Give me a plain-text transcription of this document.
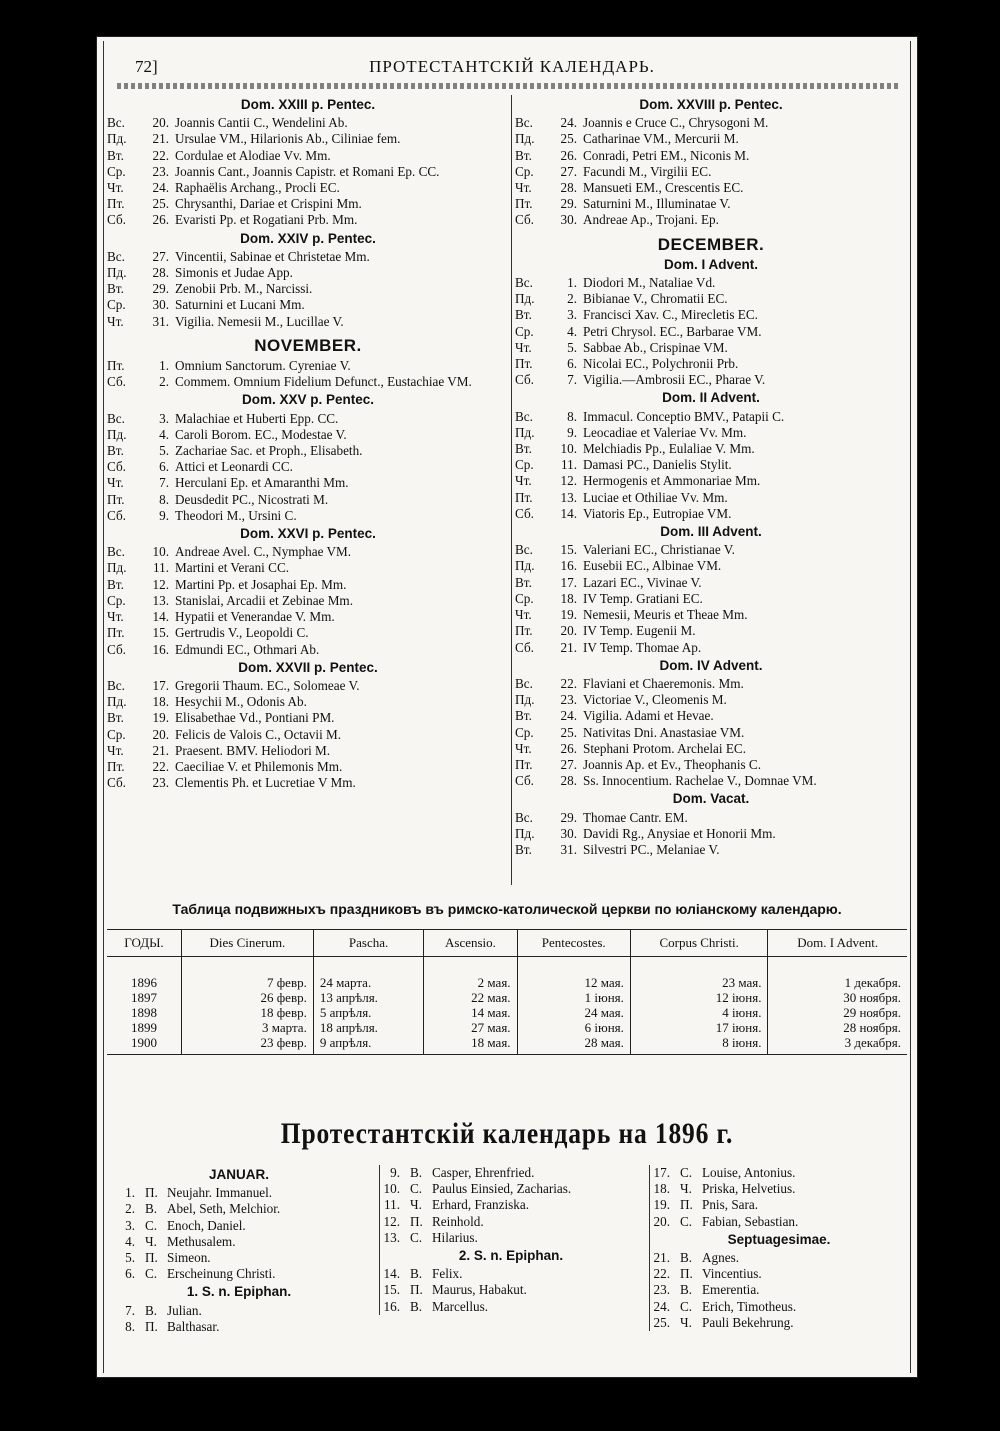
72]	ПРОТЕСТАНТСКІЙ КАЛЕНДАРЬ.
Dom. XXIII p. Pentec.
Вс.	20. Joannis Cantii C., Wendelini Ab.
Пд.	21. Ursulae VM., Hilarionis Ab., Ciliniae fem.
Вт.	22. Cordulae et Alodiae Vv. Mm.
Ср.	23. Joannis Cant., Joannis Capistr. et Romani Ep. CC.
Чт.	24. Raphaëlis Archang., Procli EC.
Пт.	25. Chrysanthi, Dariae et Crispini Mm.
Сб.	26. Evaristi Pp. et Rogatiani Prb. Mm.
Dom. XXIV p. Pentec.
Вс.	27. Vincentii, Sabinae et Christetae Mm.
Пд.	28. Simonis et Judae App.
Вт.	29. Zenobii Prb. M., Narcissi.
Ср.	30. Saturnini et Lucani Mm.
Чт.	31. Vigilia. Nemesii M., Lucillae V.
NOVEMBER.
Пт.	1. Omnium Sanctorum. Cyreniae V.
Сб.	2. Commem. Omnium Fidelium Defunct., Eustachiae VM.
Dom. XXV p. Pentec.
Вс.	3. Malachiae et Huberti Epp. CC.
Пд.	4. Caroli Borom. EC., Modestae V.
Вт.	5. Zachariae Sac. et Proph., Elisabeth.
Сб.	6. Attici et Leonardi CC.
Чт.	7. Herculani Ep. et Amaranthi Mm.
Пт.	8. Deusdedit PC., Nicostrati M.
Сб.	9. Theodori M., Ursini C.
Dom. XXVI p. Pentec.
Вс.	10. Andreae Avel. C., Nymphae VM.
Пд.	11. Martini et Verani CC.
Вт.	12. Martini Pp. et Josaphai Ep. Mm.
Ср.	13. Stanislai, Arcadii et Zebinae Mm.
Чт.	14. Hypatii et Venerandae V. Mm.
Пт.	15. Gertrudis V., Leopoldi C.
Сб.	16. Edmundi EC., Othmari Ab.
Dom. XXVII p. Pentec.
Вс.	17. Gregorii Thaum. EC., Solomeae V.
Пд.	18. Hesychii M., Odonis Ab.
Вт.	19. Elisabethae Vd., Pontiani PM.
Ср.	20. Felicis de Valois C., Octavii M.
Чт.	21. Praesent. BMV. Heliodori M.
Пт.	22. Caeciliae V. et Philemonis Mm.
Сб.	23. Clementis Ph. et Lucretiae V Mm.
Dom. XXVIII p. Pentec.
Вс.	24. Joannis e Cruce C., Chrysogoni M.
Пд.	25. Catharinae VM., Mercurii M.
Вт.	26. Conradi, Petri EM., Niconis M.
Ср.	27. Facundi M., Virgilii EC.
Чт.	28. Mansueti EM., Crescentis EC.
Пт.	29. Saturnini M., Illuminatae V.
Сб.	30. Andreae Ap., Trojani. Ep.
DECEMBER.
Dom. I Advent.
Вс.	1. Diodori M., Nataliae Vd.
Пд.	2. Bibianae V., Chromatii EC.
Вт.	3. Francisci Xav. C., Mirecletis EC.
Ср.	4. Petri Chrysol. EC., Barbarae VM.
Чт.	5. Sabbae Ab., Crispinae VM.
Пт.	6. Nicolai EC., Polychronii Prb.
Сб.	7. Vigilia.—Ambrosii EC., Pharae V.
Dom. II Advent.
Вс.	8. Immacul. Conceptio BMV., Patapii C.
Пд.	9. Leocadiae et Valeriae Vv. Mm.
Вт.	10. Melchiadis Pp., Eulaliae V. Mm.
Ср.	11. Damasi PC., Danielis Stylit.
Чт.	12. Hermogenis et Ammonariae Mm.
Пт.	13. Luciae et Othiliae Vv. Mm.
Сб.	14. Viatoris Ep., Eutropiae VM.
Dom. III Advent.
Вс.	15. Valeriani EC., Christianae V.
Пд.	16. Eusebii EC., Albinae VM.
Вт.	17. Lazari EC., Vivinae V.
Ср.	18. IV Temp. Gratiani EC.
Чт.	19. Nemesii, Meuris et Theae Mm.
Пт.	20. IV Temp. Eugenii M.
Сб.	21. IV Temp. Thomae Ap.
Dom. IV Advent.
Вс.	22. Flaviani et Chaeremonis. Mm.
Пд.	23. Victoriae V., Cleomenis M.
Вт.	24. Vigilia. Adami et Hevae.
Ср.	25. Nativitas Dni. Anastasiae VM.
Чт.	26. Stephani Protom. Archelai EC.
Пт.	27. Joannis Ap. et Ev., Theophanis C.
Сб.	28. Ss. Innocentium. Rachelae V., Domnae VM.
Dom. Vacat.
Вс.	29. Thomae Cantr. EM.
Пд.	30. Davidi Rg., Anysiae et Honorii Mm.
Вт.	31. Silvestri PC., Melaniae V.
Таблица подвижныхъ праздниковъ въ римско-католической церкви по юліанскому календарю.
ГОДЫ.	Dies Cinerum.	Pascha.	Ascensio.	Pentecostes.	Corpus Christi.	Dom. I Advent.

1896	7 февр.	24 марта.	2 мая.	12 мая.	23 мая.	1 декабря.
1897	26 февр.	13 апрѣля.	22 мая.	1 іюня.	12 іюня.	30 ноября.
1898	18 февр.	5 апрѣля.	14 мая.	24 мая.	4 іюня.	29 ноября.
1899	3 марта.	18 апрѣля.	27 мая.	6 іюня.	17 іюня.	28 ноября.
1900	23 февр.	9 апрѣля.	18 мая.	28 мая.	8 іюня.	3 декабря.
Протестантскій календарь на 1896 г.
JANUAR.
1. П. Neujahr. Immanuel.
2. В. Abel, Seth, Melchior.
3. С. Enoch, Daniel.
4. Ч. Methusalem.
5. П. Simeon.
6. С. Erscheinung Christi.
1. S. n. Epiphan.
7. В. Julian.
8. П. Balthasar.
9. В. Casper, Ehrenfried.
10. С. Paulus Einsied, Zacharias.
11. Ч. Erhard, Franziska.
12. П. Reinhold.
13. С. Hilarius.
2. S. n. Epiphan.
14. В. Felix.
15. П. Maurus, Habakut.
16. В. Marcellus.
17. С. Louise, Antonius.
18. Ч. Priska, Helvetius.
19. П. Pnis, Sara.
20. С. Fabian, Sebastian.
Septuagesimae.
21. В. Agnes.
22. П. Vincentius.
23. В. Emerentia.
24. С. Erich, Timotheus.
25. Ч. Pauli Bekehrung.
